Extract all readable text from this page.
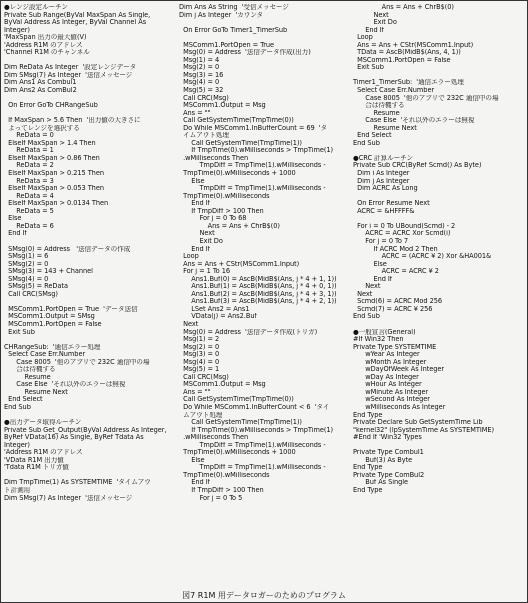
●レンジ設定ルーチン
Private Sub Range(ByVal MaxSpan As Single,
ByVal Address As Integer, ByVal Channel As
Integer)
'MaxSpan 出力の最大値(V)
'Address R1M のアドレス
'Channel R1M のチャンネル
Dim ReData As Integer  '設定レンジデータ
Dim SMsg(7) As Integer  '送信メッセージ
Dim Ans1 As Combul1
Dim Ans2 As ComBul2
On Error GoTo CHRangeSub
If MaxSpan > 5.6 Then  '出力値の大きさに
よってレンジを選択する
ReData = 0
ElseIf MaxSpan > 1.4 Then
ReData = 1
ElseIf MaxSpan > 0.86 Then
ReData = 2
ElseIf MaxSpan > 0.215 Then
ReData = 3
ElseIf MaxSpan > 0.053 Then
ReData = 4
ElseIf MaxSpan > 0.0134 Then
ReData = 5
Else
ReData = 6
End If
SMsg(0) = Address   '送信データの作成
SMsg(1) = 6
SMsg(2) = 0
SMsg(3) = 143 + Channel
SMsg(4) = 0
SMsg(5) = ReData
Call CRC(SMsg)
MSComm1.PortOpen = True  'データ送信
MSComm1.Output = SMsg
MSComm1.PortOpen = False
Exit Sub
CHRangeSub:  '通信エラー処理
Select Case Err.Number
Case 8005  '他のアプリで 232C 通信中の場
合は待機する
Resume
Case Else  'それ以外のエラーは無視
Resume Next
End Select
End Sub
●出力データ取得ルーチン
Private Sub Get_Output(ByVal Address As Integer,
ByRef VData(16) As Single, ByRef Tdata As
Integer)
'Address R1M のアドレス
'VData R1M 出力値
'Tdata R1M トリガ値
Dim TmpTime(1) As SYSTEMTIME  'タイムアウ
ト計測用
Dim SMsg(7) As Integer  '送信メッセージ
Dim Ans As String  '受信メッセージ
Dim j As Integer  'カウンタ
On Error GoTo Timer1_TimerSub
MSComm1.PortOpen = True
Msg(0) = Address  '送信データ作成(出力)
Msg(1) = 4
Msg(2) = 0
Msg(3) = 16
Msg(4) = 0
Msg(5) = 32
Call CRC(Msg)
MSComm1.Output = Msg
Ans = ""
Call GetSystemTime(TmpTime(0))
Do While MSComm1.InBufferCount = 69  'タ
イムアウト処理
Call GetSystemTime(TmpTime(1))
If TmpTime(0).wMilliseconds > TmpTime(1)
.wMilliseconds Then
TmpDiff = TmpTime(1).wMilliseconds -
TmpTime(0).wMilliseconds + 1000
Else
TmpDiff = TmpTime(1).wMilliseconds -
TmpTime(0).wMilliseconds
End If
If TmpDiff > 100 Then
For j = 0 To 68
Ans = Ans + ChrB$(0)
Next
Exit Do
End If
Loop
Ans = Ans + CStr(MSComm1.Input)
For j = 1 To 16
Ans1.Buf(0) = AscB(MidB$(Ans, j * 4 + 1, 1))
Ans1.Buf(1) = AscB(MidB$(Ans, j * 4 + 0, 1))
Ans1.Buf(2) = AscB(MidB$(Ans, j * 4 + 3, 1))
Ans1.Buf(3) = AscB(MidB$(Ans, j * 4 + 2, 1))
LSet Ans2 = Ans1
VData(j) = Ans2.Buf
Next
Msg(0) = Address  '送信データ作成(トリガ)
Msg(1) = 2
Msg(2) = 0
Msg(3) = 0
Msg(4) = 0
Msg(5) = 1
Call CRC(Msg)
MSComm1.Output = Msg
Ans = ""
Call GetSystemTime(TmpTime(0))
Do While MSComm1.InBufferCount < 6  'タイ
ムアウト処理
Call GetSystemTime(TmpTime(1))
If TmpTime(0).wMilliseconds > TmpTime(1)
.wMilliseconds Then
TmpDiff = TmpTime(1).wMilliseconds -
TmpTime(0).wMilliseconds + 1000
Else
TmpDiff = TmpTime(1).wMilliseconds -
TmpTime(0).wMilliseconds
End If
If TmpDiff > 100 Then
For j = 0 To 5
Ans = Ans + ChrB$(0)
Next
Exit Do
End If
Loop
Ans = Ans + CStr(MSComm1.Input)
TData = AscB(MidB$(Ans, 4, 1))
MSComm1.PortOpen = False
Exit Sub
Timer1_TimerSub:  '通信エラー処理
Select Case Err.Number
Case 8005  '他のアプリで 232C 通信中の場
合は待機する
Resume
Case Else  'それ以外のエラーは無視
Resume Next
End Select
End Sub
●CRC 計算ルーチン
Private Sub CRC(ByRef Scmd() As Byte)
Dim i As Integer
Dim j As Integer
Dim ACRC As Long
On Error Resume Next
ACRC = &HFFFF&
For i = 0 To UBound(Scmd) - 2
ACRC = ACRC Xor Scmd(i)
For j = 0 To 7
If ACRC Mod 2 Then
ACRC = (ACRC ¥ 2) Xor &HA001&
Else
ACRC = ACRC ¥ 2
End If
Next
Next
Scmd(6) = ACRC Mod 256
Scmd(7) = ACRC ¥ 256
End Sub
●一般宣言(General)
#If Win32 Then
Private Type SYSTEMTIME
wYear As Integer
wMonth As Integer
wDayOfWeek As Integer
wDay As Integer
wHour As Integer
wMinute As Integer
wSecond As Integer
wMilliseconds As Integer
End Type
Private Declare Sub GetSystemTime Lib
"kernel32" (lpSystemTime As SYSTEMTIME)
#End If 'Win32 Types
Private Type Combul1
Buf(3) As Byte
End Type
Private Type ComBul2
Buf As Single
End Type
図7 R1M 用データロガーのためのプログラム
